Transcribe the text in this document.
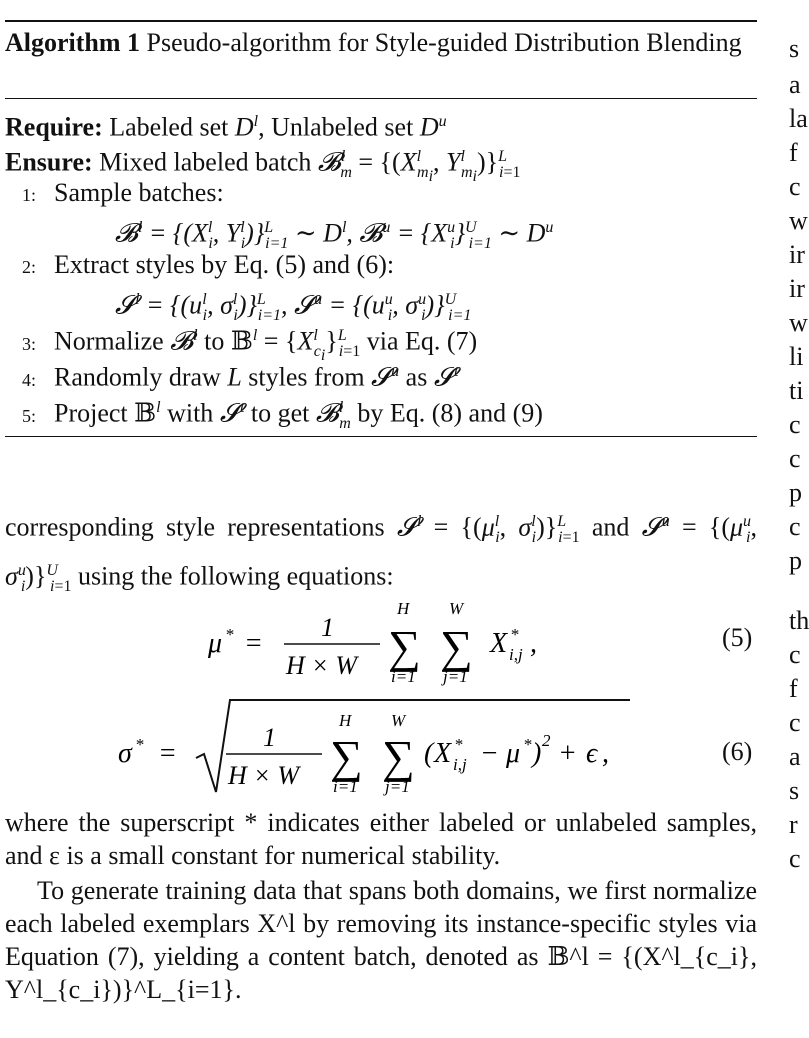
Algorithm 1 Pseudo-algorithm for Style-guided Distribution Blending
Require: Labeled set $D^l$, Unlabeled set $D^u$
Ensure: Mixed labeled batch 𝓑$^l_m$ = {($X^l_{m_i}$, $Y^l_{m_i})\}^L_{i=1}$
1: Sample batches:
𝓑$^l$ = {($X^l_i$, $Y^l_i)\}^L_{i=1}$ ∼ $D^l$, 𝓑$^u$ = $\{X^u_i\}^U_{i=1}$ ∼ $D^u$
2: Extract styles by Eq. (5) and (6):
𝓢$^l$ = {($u^l_i$, $\sigma^l_i)\}^L_{i=1}$, 𝓢$^u$ = {($u^u_i$, $\sigma^u_i)\}^U_{i=1}$
3: Normalize 𝓑$^l$ to 𝔹$^l$ = $\{X^l_{c_i}\}^L_{i=1}$ via Eq. (7)
4: Randomly draw L styles from 𝓢$^u$ as 𝓢$^t$
5: Project 𝔹$^l$ with 𝓢$^t$ to get 𝓑$^l_m$ by Eq. (8) and (9)
corresponding style representations 𝓢$^l$ = {($\mu^l_i$, $\sigma^l_i)\}^L_{i=1}$ and 𝓢$^u$ = {($\mu^u_i$, $\sigma^u_i)\}^U_{i=1}$ using the following equations:
μ * =
1
H × W
H
∑
i=1
W
∑
j=1
X *
i,j ,	(5)
σ * =
1
H × W
H
∑
i=1
W
∑
j=1
( X *
i,j − μ * ) 2 + ϵ ,	(6)
where the superscript * indicates either labeled or unlabeled samples, and ε is a small constant for numerical stability.
To generate training data that spans both domains, we first normalize each labeled exemplars X^l by removing its instance-specific styles via Equation (7), yielding a content batch, denoted as 𝔹^l = {(X^l_{c_i}, Y^l_{c_i})}^L_{i=1}.
s
a
la
f
c
w
ir
ir
w
li
ti
c
c
p
c
p
th
c
f
c
a
s
r
c
